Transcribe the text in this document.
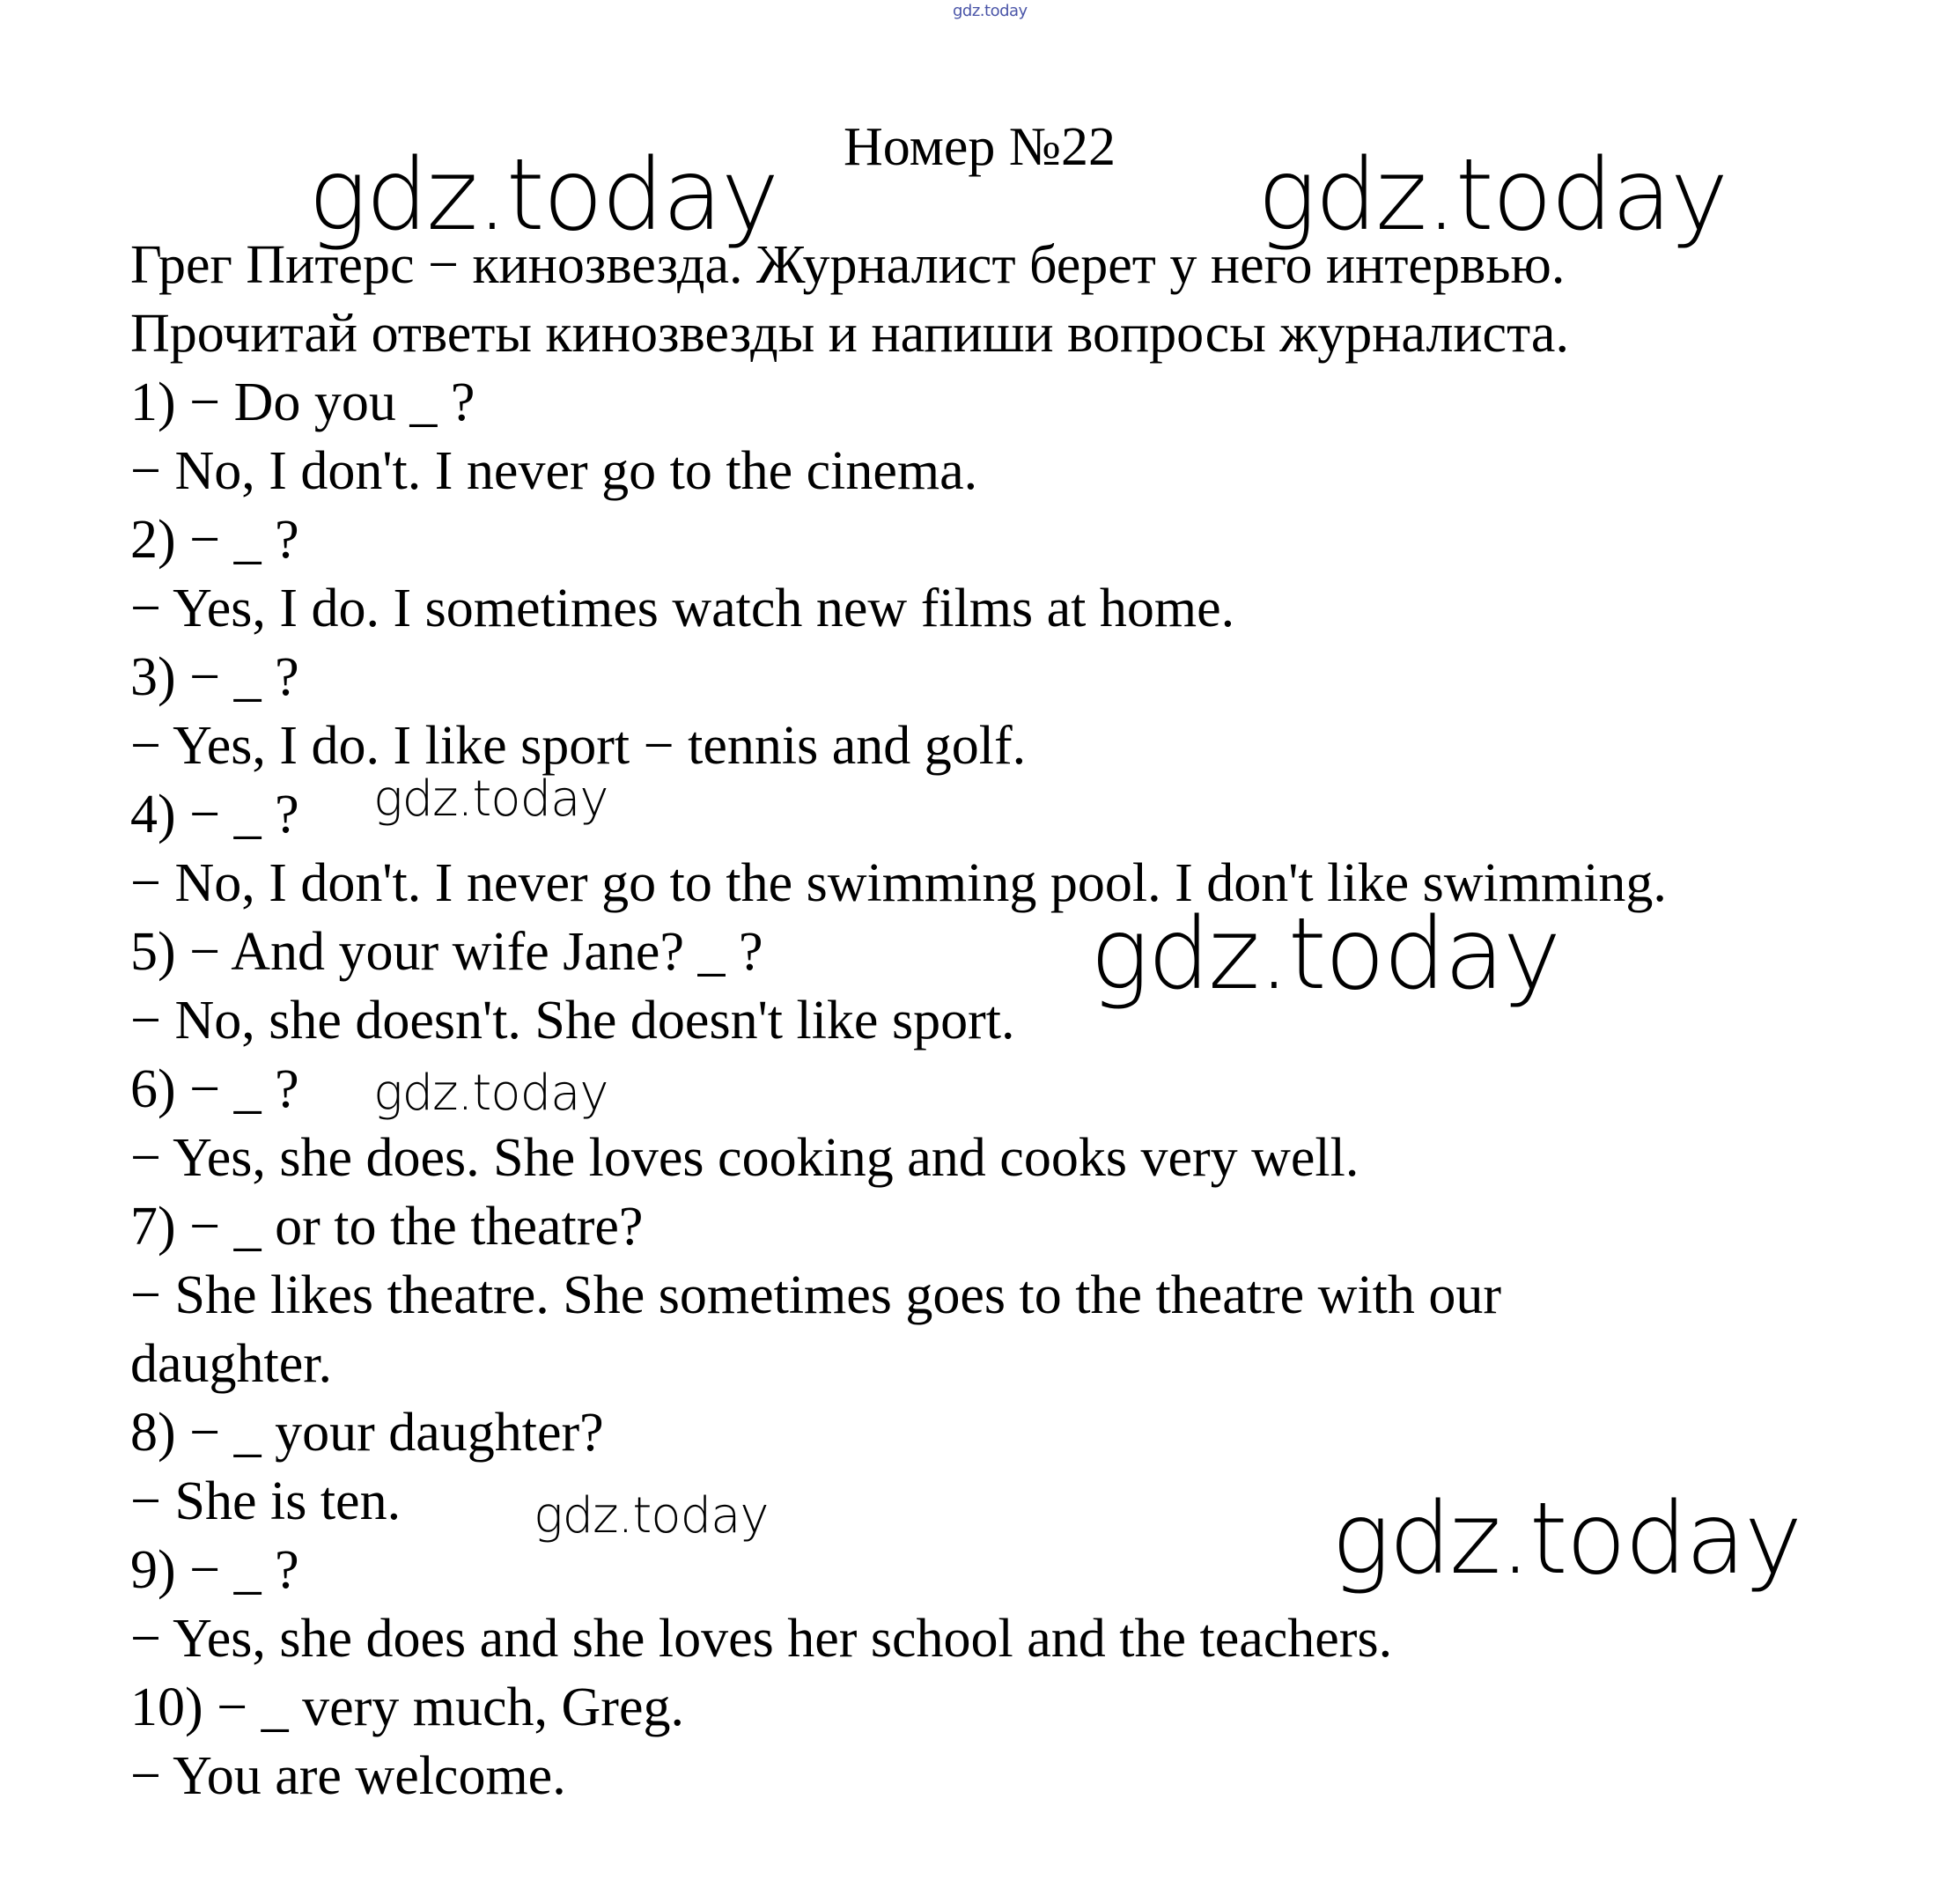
gdz.today
Номер №22
Грег Питерс − кинозвезда. Журналист берет у него интервью.
Прочитай ответы кинозвезды и напиши вопросы журналиста.
1) − Do you _ ?
− No, I don't. I never go to the cinema.
2) − _ ?
− Yes, I do. I sometimes watch new films at home.
3) − _ ?
− Yes, I do. I like sport − tennis and golf.
4) − _ ?
− No, I don't. I never go to the swimming pool. I don't like swimming.
5) − And your wife Jane? _ ?
− No, she doesn't. She doesn't like sport.
6) − _ ?
− Yes, she does. She loves cooking and cooks very well.
7) − _ or to the theatre?
− She likes theatre. She sometimes goes to the theatre with our
daughter.
8) − _ your daughter?
− She is ten.
9) − _ ?
− Yes, she does and she loves her school and the teachers.
10) − _ very much, Greg.
− You are welcome.
gdz.today	gdz.today
gdz.today
gdz.today
gdz.today
gdz.today	gdz.today
